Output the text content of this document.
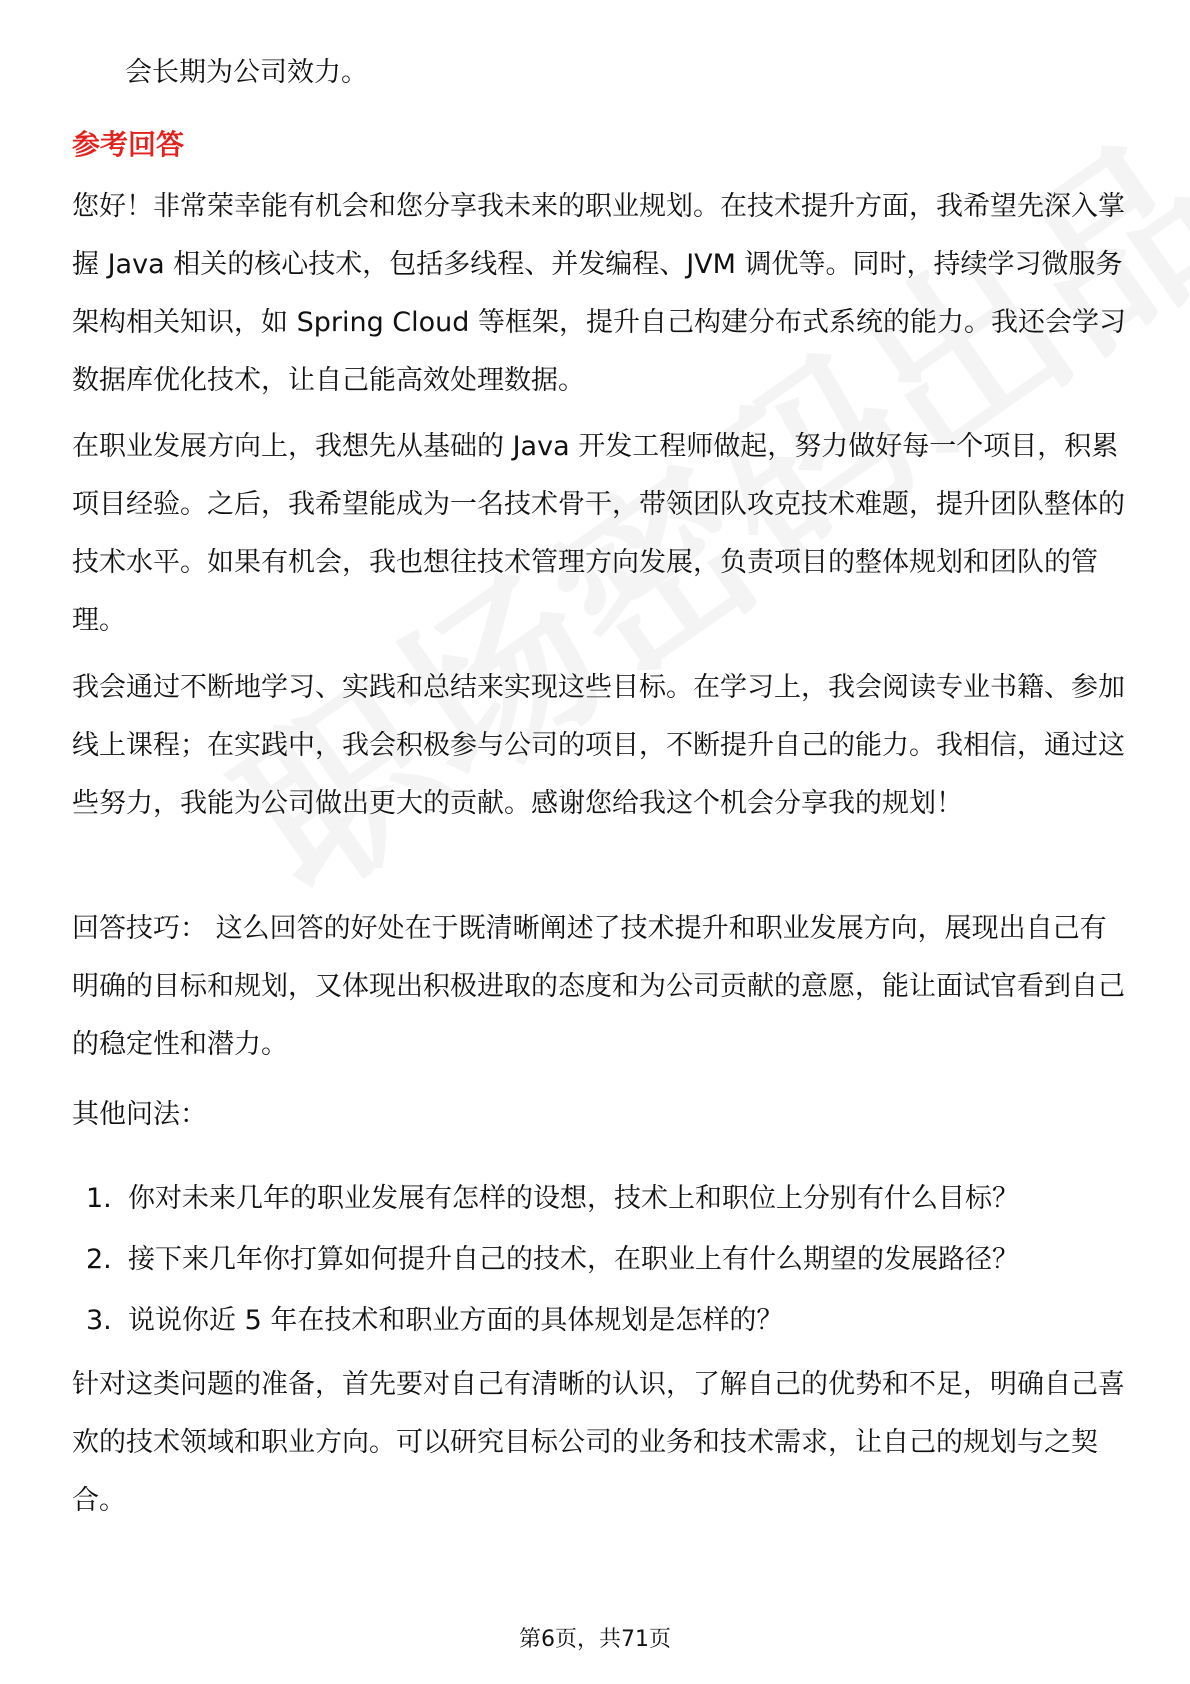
会长期为公司效力。
参考回答
您好！非常荣幸能有机会和您分享我未来的职业规划。在技术提升方面，我希望先深入掌握 Java 相关的核心技术，包括多线程、并发编程、JVM 调优等。同时，持续学习微服务架构相关知识，如 Spring Cloud 等框架，提升自己构建分布式系统的能力。我还会学习数据库优化技术，让自己能高效处理数据。
在职业发展方向上，我想先从基础的 Java 开发工程师做起，努力做好每一个项目，积累项目经验。之后，我希望能成为一名技术骨干，带领团队攻克技术难题，提升团队整体的技术水平。如果有机会，我也想往技术管理方向发展，负责项目的整体规划和团队的管理。
我会通过不断地学习、实践和总结来实现这些目标。在学习上，我会阅读专业书籍、参加线上课程；在实践中，我会积极参与公司的项目，不断提升自己的能力。我相信，通过这些努力，我能为公司做出更大的贡献。感谢您给我这个机会分享我的规划！
回答技巧： 这么回答的好处在于既清晰阐述了技术提升和职业发展方向，展现出自己有明确的目标和规划，又体现出积极进取的态度和为公司贡献的意愿，能让面试官看到自己的稳定性和潜力。
其他问法：
1. 你对未来几年的职业发展有怎样的设想，技术上和职位上分别有什么目标？
2. 接下来几年你打算如何提升自己的技术，在职业上有什么期望的发展路径？
3. 说说你近 5 年在技术和职业方面的具体规划是怎样的？
针对这类问题的准备，首先要对自己有清晰的认识，了解自己的优势和不足，明确自己喜欢的技术领域和职业方向。可以研究目标公司的业务和技术需求，让自己的规划与之契合。
第6页，共71页
